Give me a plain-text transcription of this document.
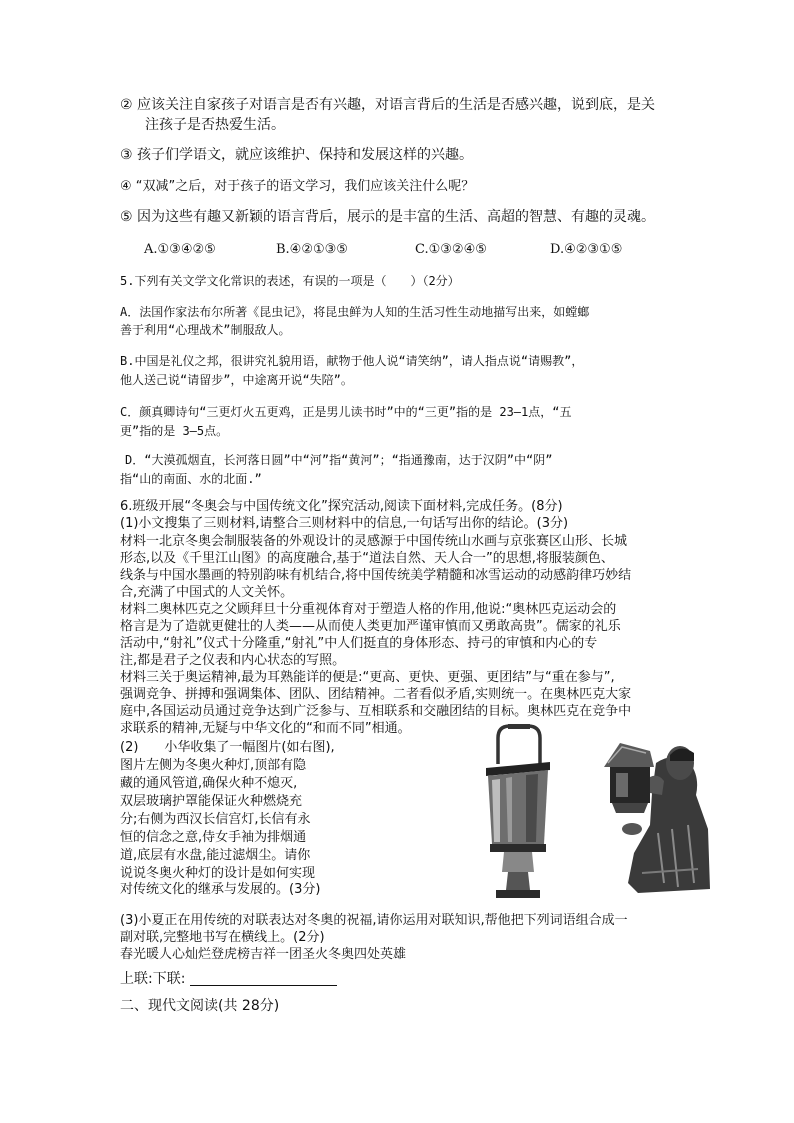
② 应该关注自家孩子对语言是否有兴趣，对语言背后的生活是否感兴趣，说到底，是关
注孩子是否热爱生活。
③ 孩子们学语文，就应该维护、保持和发展这样的兴趣。
④ “双减”之后，对于孩子的语文学习，我们应该关注什么呢？
⑤ 因为这些有趣又新颖的语言背后，展示的是丰富的生活、高超的智慧、有趣的灵魂。
A.①③④②⑤	B.④②①③⑤	C.①③②④⑤	D.④②③①⑤
5.下列有关文学文化常识的表述，有误的一项是（　　）（2分）
A．法国作家法布尔所著《昆虫记》，将昆虫鲜为人知的生活习性生动地描写出来，如螳螂
善于利用“心理战术”制服敌人。
B.中国是礼仪之邦，很讲究礼貌用语，献物于他人说“请笑纳”，请人指点说“请赐教”，
他人送己说“请留步”，中途离开说“失陪”。
C．颜真卿诗句“三更灯火五更鸡，正是男儿读书时”中的“三更”指的是 23—1点，“五
更”指的是 3—5点。
D．“大漠孤烟直，长河落日圆”中“河”指“黄河”；“指通豫南，达于汉阴”中“阴”
指“山的南面、水的北面.”
6.班级开展“冬奥会与中国传统文化”探究活动,阅读下面材料,完成任务。(8分)
(1)小文搜集了三则材料,请整合三则材料中的信息,一句话写出你的结论。(3分)
材料一北京冬奥会制服装备的外观设计的灵感源于中国传统山水画与京张赛区山形、长城
形态,以及《千里江山图》的高度融合,基于“道法自然、天人合一”的思想,将服装颜色、
线条与中国水墨画的特别韵味有机结合,将中国传统美学精髓和冰雪运动的动感韵律巧妙结
合,充满了中国式的人文关怀。
材料二奥林匹克之父顾拜旦十分重视体育对于塑造人格的作用,他说:“奥林匹克运动会的
格言是为了造就更健壮的人类——从而使人类更加严谨审慎而又勇敢高贵”。儒家的礼乐
活动中,“射礼”仪式十分隆重,“射礼”中人们挺直的身体形态、持弓的审慎和内心的专
注,都是君子之仪表和内心状态的写照。
材料三关于奥运精神,最为耳熟能详的便是:“更高、更快、更强、更团结”与“重在参与”,
强调竞争、拼搏和强调集体、团队、团结精神。二者看似矛盾,实则统一。在奥林匹克大家
庭中,各国运动员通过竞争达到广泛参与、互相联系和交融团结的目标。奥林匹克在竞争中
求联系的精神,无疑与中华文化的“和而不同”相通。
(2)　　小华收集了一幅图片(如右图),
图片左侧为冬奥火种灯,顶部有隐
藏的通风管道,确保火种不熄灭,
双层玻璃护罩能保证火种燃烧充
分;右侧为西汉长信宫灯,长信有永
恒的信念之意,侍女手袖为排烟通
道,底层有水盘,能过滤烟尘。请你
说说冬奥火种灯的设计是如何实现
对传统文化的继承与发展的。(3分)
(3)小夏正在用传统的对联表达对冬奥的祝福,请你运用对联知识,帮他把下列词语组合成一
副对联,完整地书写在横线上。(2分)
春光暖人心灿烂登虎榜吉祥一团圣火冬奥四处英雄
上联:下联:
二、现代文阅读(共 28分)
